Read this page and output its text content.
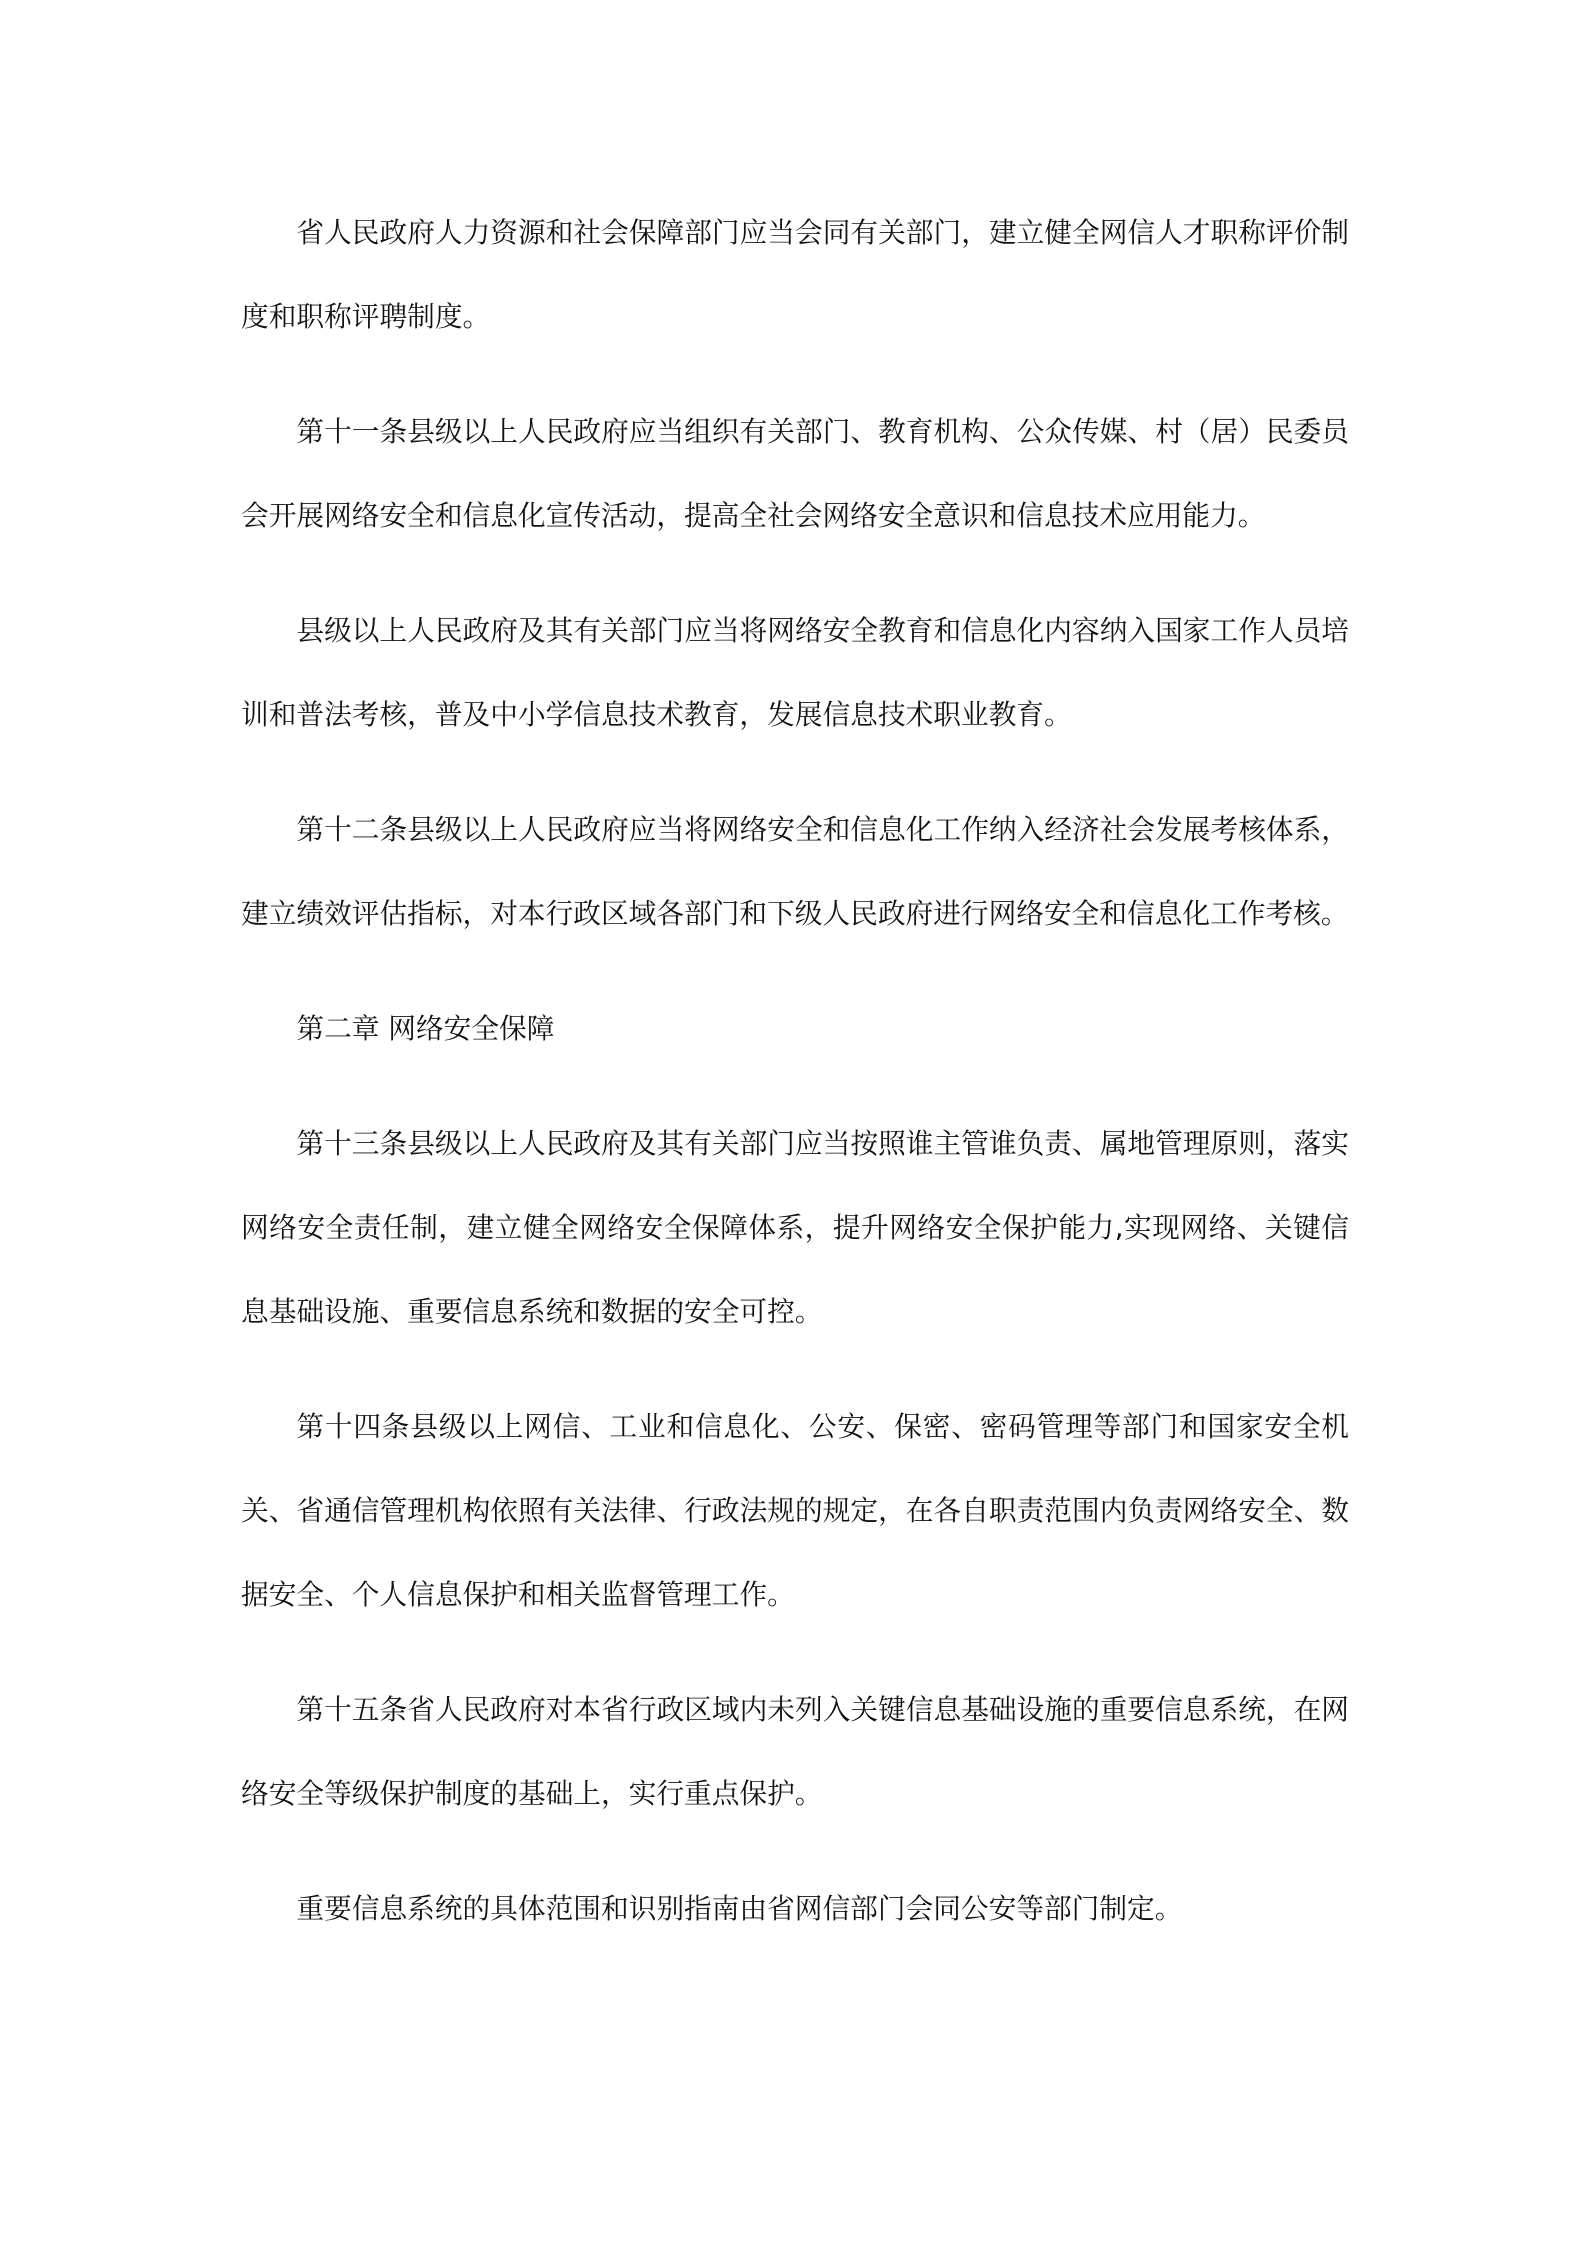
省人民政府人力资源和社会保障部门应当会同有关部门，建立健全网信人才职称评价制度和职称评聘制度。

第十一条县级以上人民政府应当组织有关部门、教育机构、公众传媒、村（居）民委员会开展网络安全和信息化宣传活动，提高全社会网络安全意识和信息技术应用能力。

县级以上人民政府及其有关部门应当将网络安全教育和信息化内容纳入国家工作人员培训和普法考核，普及中小学信息技术教育，发展信息技术职业教育。

第十二条县级以上人民政府应当将网络安全和信息化工作纳入经济社会发展考核体系，建立绩效评估指标，对本行政区域各部门和下级人民政府进行网络安全和信息化工作考核。

第二章 网络安全保障

第十三条县级以上人民政府及其有关部门应当按照谁主管谁负责、属地管理原则，落实网络安全责任制，建立健全网络安全保障体系，提升网络安全保护能力,实现网络、关键信息基础设施、重要信息系统和数据的安全可控。

第十四条县级以上网信、工业和信息化、公安、保密、密码管理等部门和国家安全机关、省通信管理机构依照有关法律、行政法规的规定，在各自职责范围内负责网络安全、数据安全、个人信息保护和相关监督管理工作。

第十五条省人民政府对本省行政区域内未列入关键信息基础设施的重要信息系统，在网络安全等级保护制度的基础上，实行重点保护。

重要信息系统的具体范围和识别指南由省网信部门会同公安等部门制定。
